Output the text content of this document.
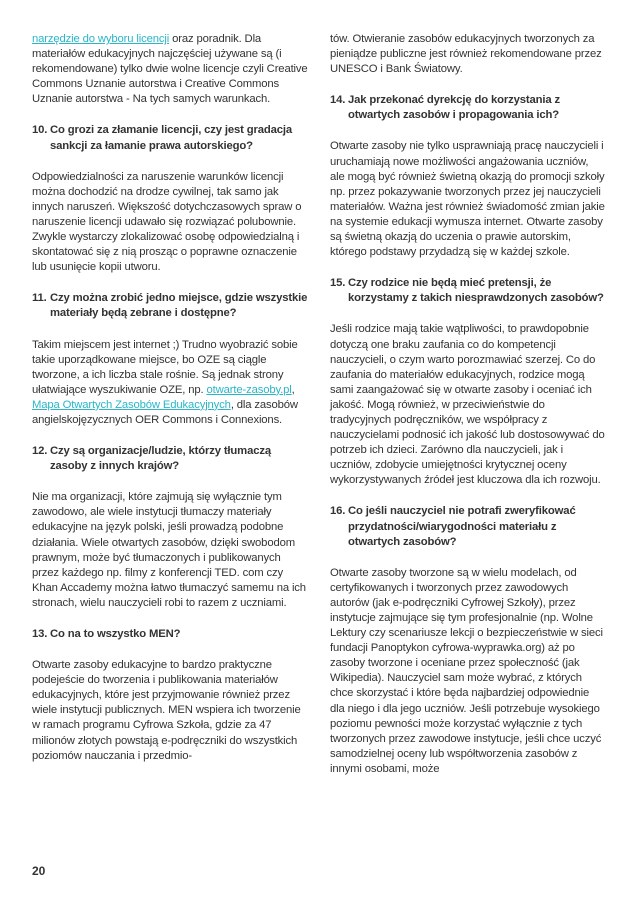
narzędzie do wyboru licencji oraz poradnik. Dla materiałów edukacyjnych najczęściej używane są (i rekomendowane) tylko dwie wolne licencje czyli Creative Commons Uznanie autorstwa i Creative Commons Uznanie autorstwa - Na tych samych warunkach.

10. Co grozi za złamanie licencji, czy jest gradacja sankcji za łamanie prawa autorskiego?

Odpowiedzialności za naruszenie warunków licencji można dochodzić na drodze cywilnej, tak samo jak innych naruszeń. Większość dotychczasowych spraw o naruszenie licencji udawało się rozwiązać polubownie. Zwykle wystarczy zlokalizować osobę odpowiedzialną i skontatować się z nią prosząc o poprawne oznaczenie lub usunięcie kopii utworu.

11. Czy można zrobić jedno miejsce, gdzie wszystkie materiały będą zebrane i dostępne?

Takim miejscem jest internet ;) Trudno wyobrazić sobie takie uporządkowane miejsce, bo OZE są ciągle tworzone, a ich liczba stale rośnie. Są jednak strony ułatwiające wyszukiwanie OZE, np. otwarte-zasoby.pl, Mapa Otwartych Zasobów Edukacyjnych, dla zasobów angielskojęzycznych OER Commons i Connexions.

12. Czy są organizacje/ludzie, którzy tłumaczą zasoby z innych krajów?

Nie ma organizacji, które zajmują się wyłącznie tym zawodowo, ale wiele instytucji tłumaczy materiały edukacyjne na język polski, jeśli prowadzą podobne działania. Wiele otwartych zasobów, dzięki swobodom prawnym, może być tłumaczonych i publikowanych przez każdego np. filmy z konferencji TED. com czy Khan Accademy można łatwo tłumaczyć samemu na ich stronach, wielu nauczycieli robi to razem z uczniami.

13. Co na to wszystko MEN?

Otwarte zasoby edukacyjne to bardzo praktyczne podejeście do tworzenia i publikowania materiałów edukacyjnych, które jest przyjmowanie również przez wiele instytucji publicznych. MEN wspiera ich tworzenie w ramach programu Cyfrowa Szkoła, gdzie za 47 milionów złotych powstają e-podręczniki do wszystkich poziomów nauczania i przedmio-

tów. Otwieranie zasobów edukacyjnych tworzonych za pieniądze publiczne jest również rekomendowane przez UNESCO i Bank Światowy.

14. Jak przekonać dyrekcję do korzystania z otwartych zasobów i propagowania ich?

Otwarte zasoby nie tylko usprawniają pracę nauczycieli i uruchamiają nowe możliwości angażowania uczniów, ale mogą być również świetną okazją do promocji szkoły np. przez pokazywanie tworzonych przez jej nauczycieli materiałów. Ważna jest również świadomość zmian jakie na systemie edukacji wymusza internet. Otwarte zasoby są świetną okazją do uczenia o prawie autorskim, którego podstawy przydadzą się w każdej szkole.

15. Czy rodzice nie będą mieć pretensji, że korzystamy z takich niesprawdzonych zasobów?

Jeśli rodzice mają takie wątpliwości, to prawdopobnie dotyczą one braku zaufania co do kompetencji nauczycieli, o czym warto porozmawiać szerzej. Co do zaufania do materiałów edukacyjnych, rodzice mogą sami zaangażować się w otwarte zasoby i oceniać ich jakość. Mogą również, w przeciwieństwie do tradycyjnych podręczników, we współpracy z nauczycielami podnosić ich jakość lub dostosowywać do potrzeb ich dzieci. Zarówno dla nauczycieli, jak i uczniów, zdobycie umiejętności krytycznej oceny wykorzystywanych źródeł jest kluczowa dla ich rozwoju.

16. Co jeśli nauczyciel nie potrafi zweryfikować przydatności/wiarygodności materiału z otwartych zasobów?

Otwarte zasoby tworzone są w wielu modelach, od certyfikowanych i tworzonych przez zawodowych autorów (jak e-podręczniki Cyfrowej Szkoły), przez instytucje zajmujące się tym profesjonalnie (np. Wolne Lektury czy scenariusze lekcji o bezpieczeństwie w sieci fundacji Panoptykon cyfrowa-wyprawka.org) aż po zasoby tworzone i oceniane przez społeczność (jak Wikipedia). Nauczyciel sam może wybrać, z których chce skorzystać i które będa najbardziej odpowiednie dla niego i dla jego uczniów. Jeśli potrzebuje wysokiego poziomu pewności może korzystać wyłącznie z tych tworzonych przez zawodowe instytucje, jeśli chce uczyć samodzielnej oceny lub współtworzenia zasobów z innymi osobami, może

20
